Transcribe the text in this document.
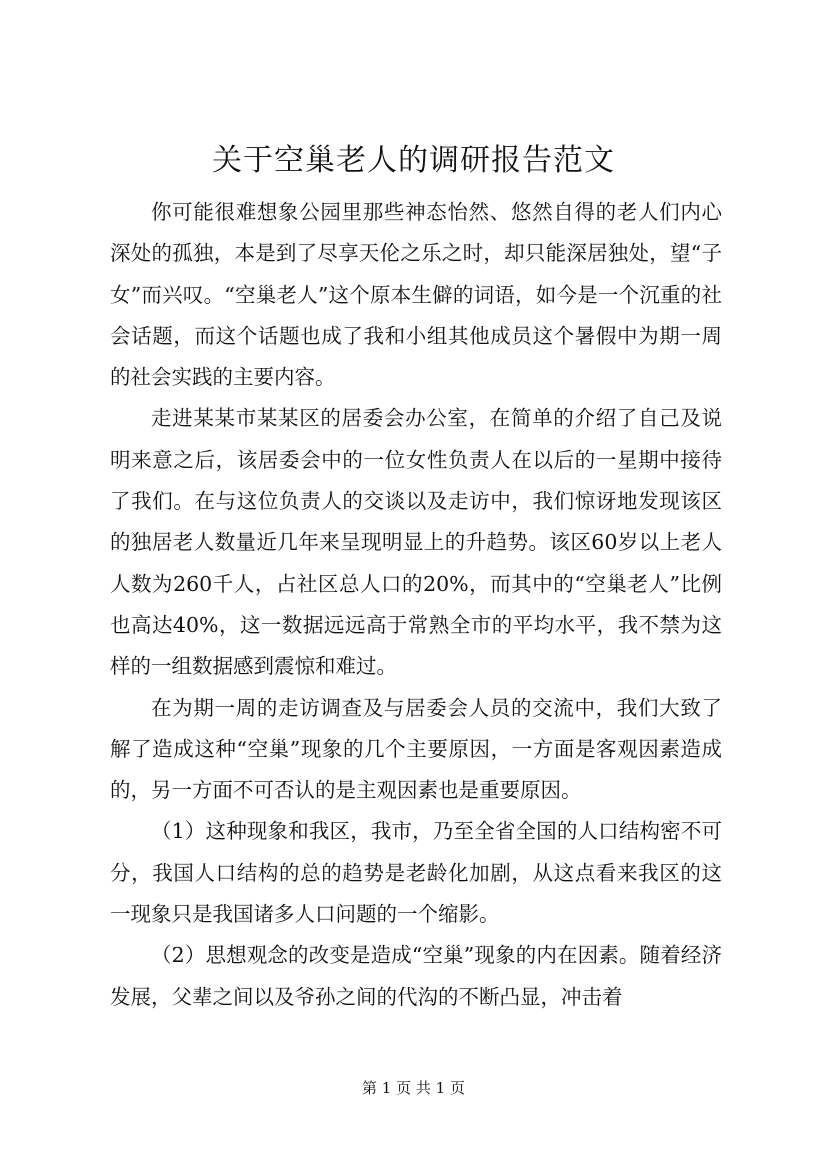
关于空巢老人的调研报告范文

你可能很难想象公园里那些神态怡然、悠然自得的老人们内心深处的孤独，本是到了尽享天伦之乐之时，却只能深居独处，望“子女”而兴叹。“空巢老人”这个原本生僻的词语，如今是一个沉重的社会话题，而这个话题也成了我和小组其他成员这个暑假中为期一周的社会实践的主要内容。

走进某某市某某区的居委会办公室，在简单的介绍了自己及说明来意之后，该居委会中的一位女性负责人在以后的一星期中接待了我们。在与这位负责人的交谈以及走访中，我们惊讶地发现该区的独居老人数量近几年来呈现明显上的升趋势。该区60岁以上老人人数为260千人，占社区总人口的20%，而其中的“空巢老人”比例也高达40%，这一数据远远高于常熟全市的平均水平，我不禁为这样的一组数据感到震惊和难过。

在为期一周的走访调查及与居委会人员的交流中，我们大致了解了造成这种“空巢”现象的几个主要原因，一方面是客观因素造成的，另一方面不可否认的是主观因素也是重要原因。

（1）这种现象和我区，我市，乃至全省全国的人口结构密不可分，我国人口结构的总的趋势是老龄化加剧，从这点看来我区的这一现象只是我国诸多人口问题的一个缩影。

（2）思想观念的改变是造成“空巢”现象的内在因素。随着经济发展，父辈之间以及爷孙之间的代沟的不断凸显，冲击着

第 1 页 共 1 页
